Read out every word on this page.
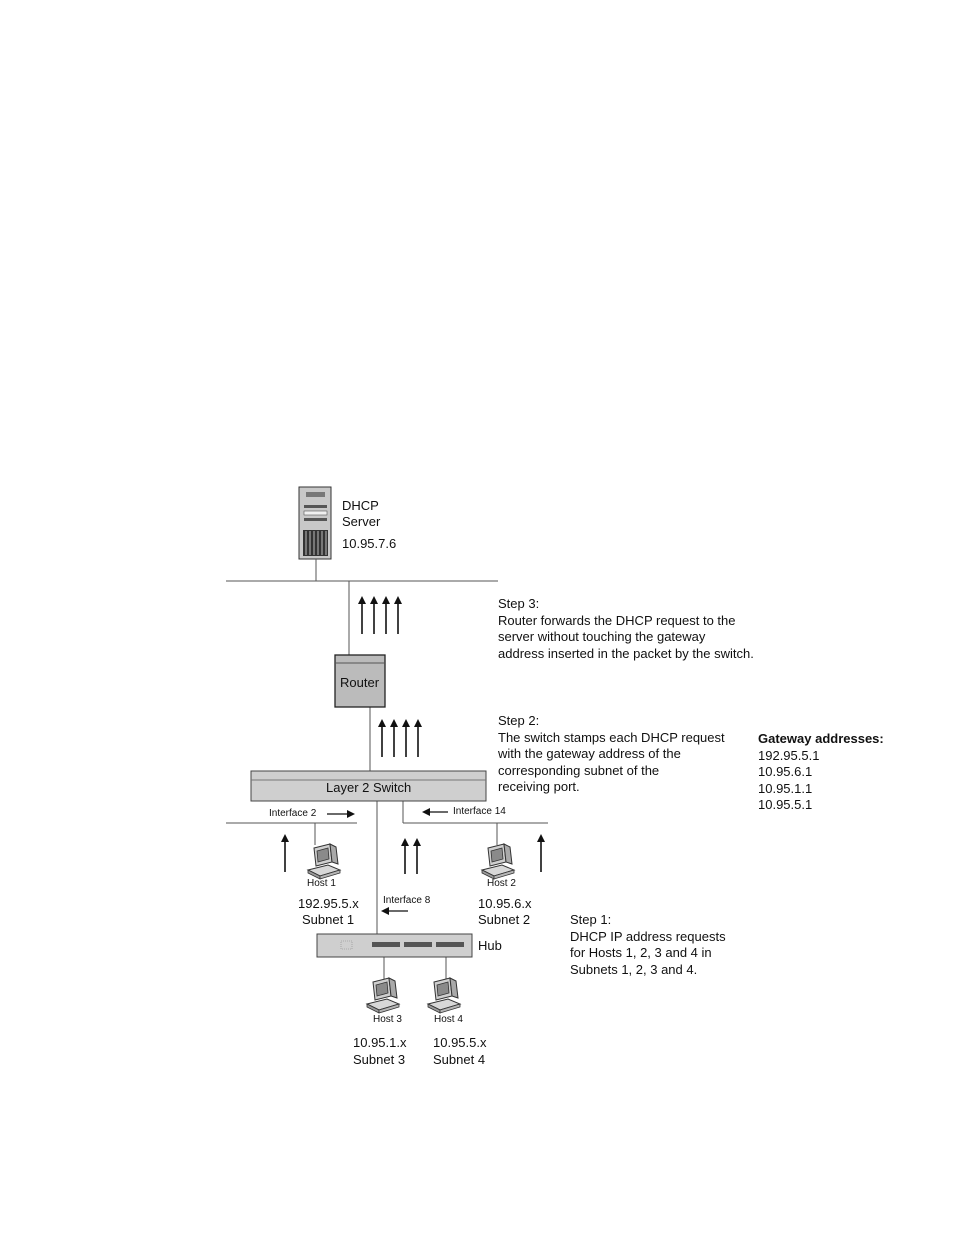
DHCP
Server
10.95.7.6
Router
Layer 2 Switch
Hub
Interface 2	Interface 14
Interface 8
Host 1
192.95.5.x
Subnet 1
Host 2
10.95.6.x
Subnet 2
Host 3
10.95.1.x
Subnet 3
Host 4
10.95.5.x
Subnet 4
Step 3:
Router forwards the DHCP request to the
server without touching the gateway
address inserted in the packet by the switch.
Step 2:
The switch stamps each DHCP request
with the gateway address of the
corresponding subnet of the
receiving port.
Gateway addresses:
192.95.5.1
10.95.6.1
10.95.1.1
10.95.5.1
Step 1:
DHCP IP address requests
for Hosts 1, 2, 3 and 4 in
Subnets 1, 2, 3 and 4.
